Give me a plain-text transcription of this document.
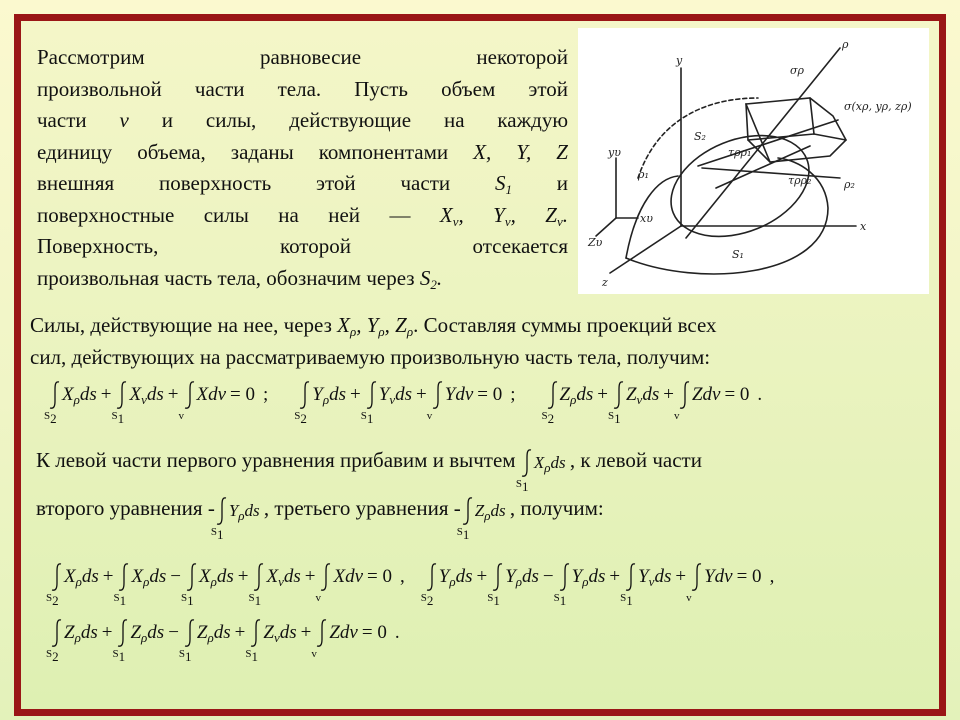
ρ
σρ
σ(xρ, yρ, zρ)
y
x
z
S₂
S₁
yυ
xυ
Zυ
ρ₁
ρ₂
τρρ₁
τρρ₂
Рассмотрим равновесие некоторой
произвольной части тела. Пусть объем этой
части v и силы, действующие на каждую
единицу объема, заданы компонентами X, Y, Z
внешняя поверхность этой части $S_1$ и
поверхностные силы на ней — $X_v$, $Y_v$, $Z_v$.
Поверхность,	которой	отсекается
произвольная часть тела, обозначим через $S_2$.
Силы, действующие на нее, через $X_\rho$, $Y_\rho$, $Z_\rho$. Составляя суммы проекций всех
сил, действующих на рассматриваемую произвольную часть тела, получим:
$S_2$
$X_\rho ds$ +
$S_1$
$X_vds$ +
v
Xdv = 0 ;
$S_2$
$Y_\rho ds$ +
$S_1$
$Y_vds$ +
v
Ydv = 0 ;
$S_2$
$Z_\rho ds$ +
$S_1$
$Z_vds$ +
v
Zdv = 0 .
К левой части первого уравнения прибавим и вычтем
$S_1$
$X_\rho ds$ , к левой части
второго уравнения -
$S_1$
$Y_\rho ds$ , третьего уравнения -
$S_1$
$Z_\rho ds$ , получим:
$S_2$
$X_\rho ds$ +
$S_1$
$X_\rho ds$ −
$S_1$
$X_\rho ds$ +
$S_1$
$X_vds$ +
v
Xdv = 0 ,
$S_2$
$Y_\rho ds$ +
$S_1$
$Y_\rho ds$ −
$S_1$
$Y_\rho ds$ +
$S_1$
$Y_vds$ +
v
Ydv = 0 ,
$S_2$
$Z_\rho ds$ +
$S_1$
$Z_\rho ds$ −
$S_1$
$Z_\rho ds$ +
$S_1$
$Z_vds$ +
v
Zdv = 0 .
